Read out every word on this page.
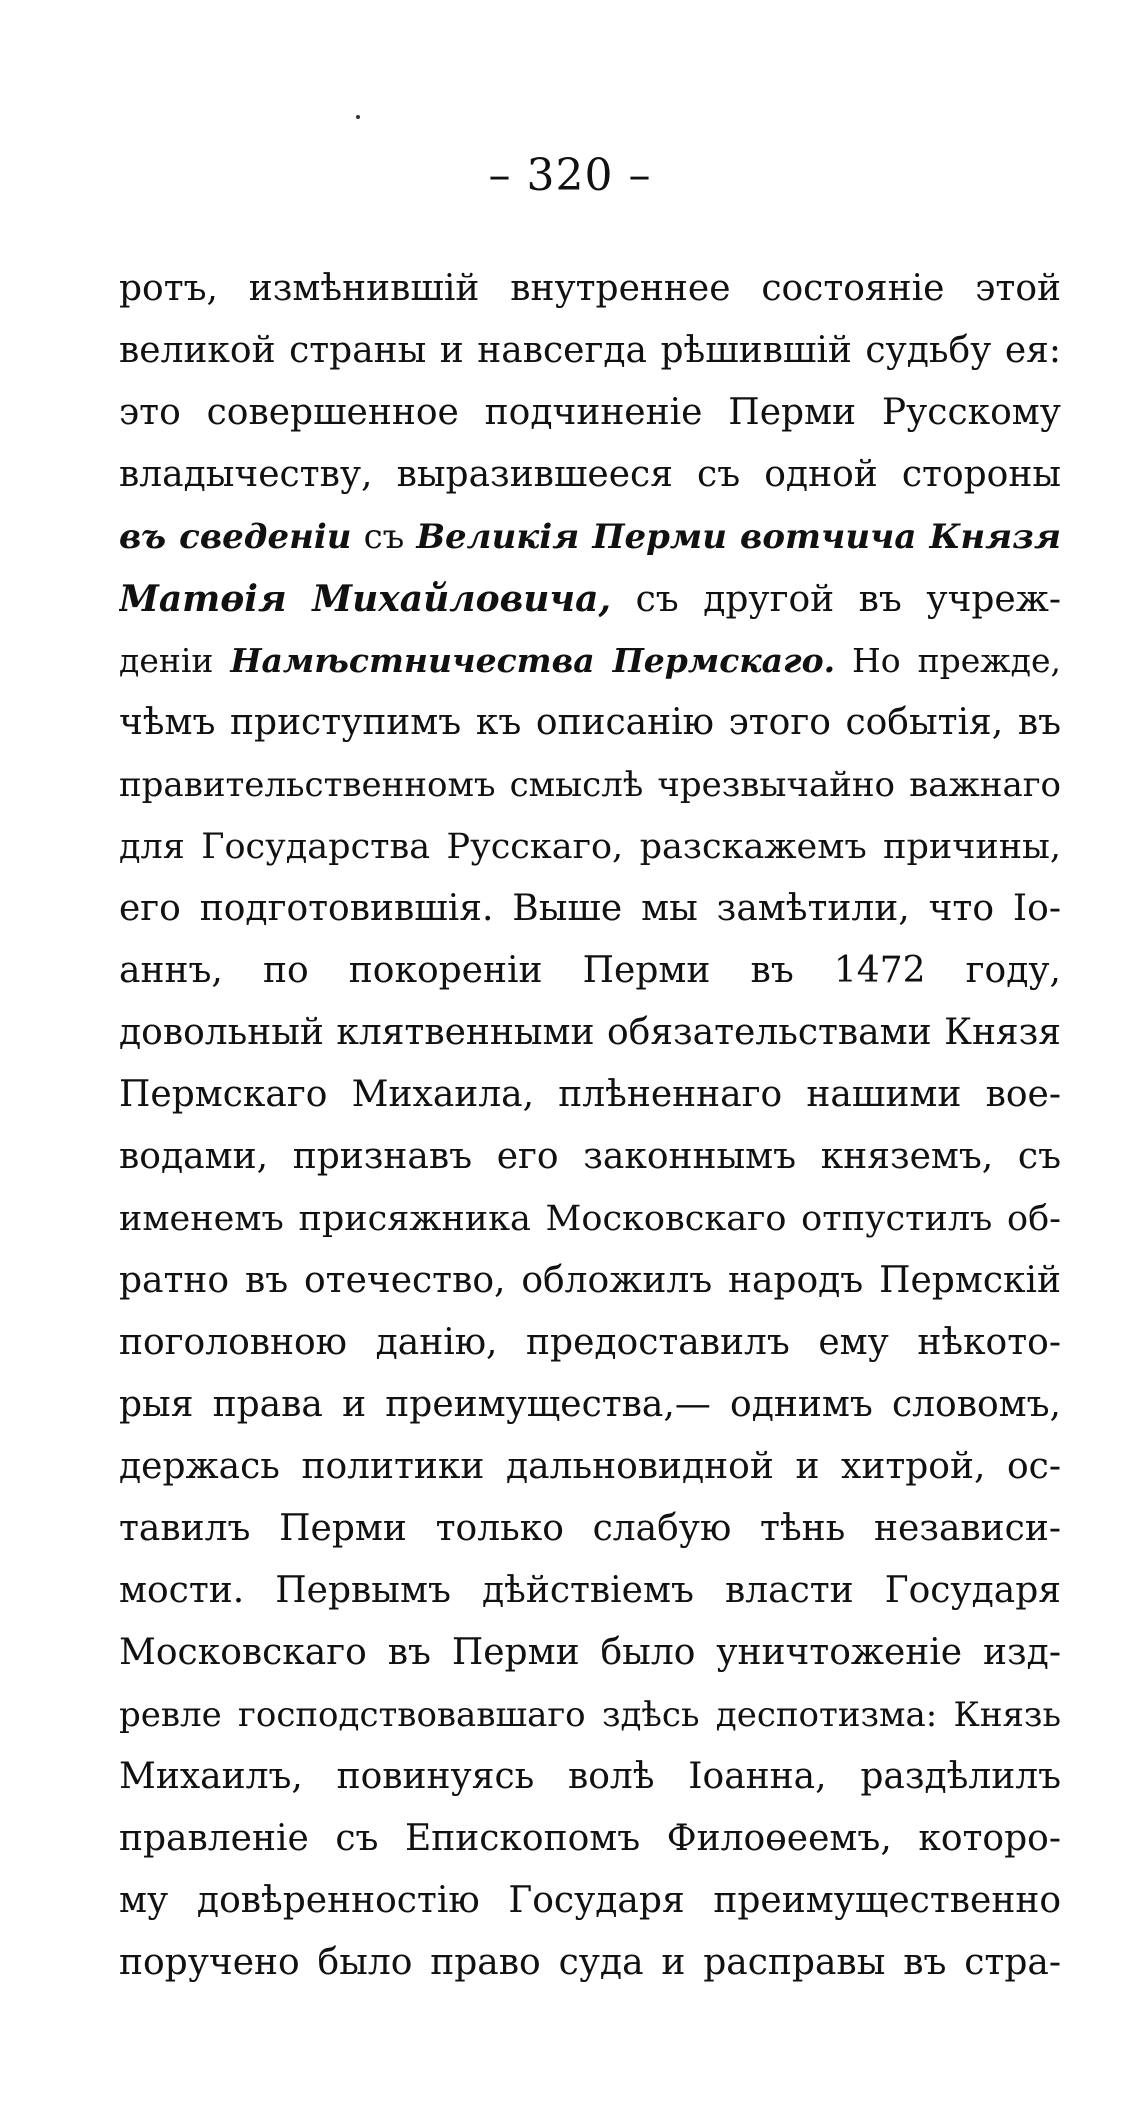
– 320 –
ротъ, измѣнившій внутреннее состояніе этой
великой страны и навсегда рѣшившій судьбу ея:
это совершенное подчиненіе Перми Русскому
владычеству, выразившееся съ одной стороны
въ сведеніи съ Великія Перми вотчича Князя
Матөія Михайловича, съ другой въ учреж-
деніи Намѣстничества Пермскаго. Но прежде,
чѣмъ приступимъ къ описанію этого событія, въ
правительственномъ смыслѣ чрезвычайно важнаго
для Государства Русскаго, разскажемъ причины,
его подготовившія. Выше мы замѣтили, что Іо-
аннъ, по покореніи Перми въ 1472 году,
довольный клятвенными обязательствами Князя
Пермскаго Михаила, плѣненнаго нашими вое-
водами, признавъ его законнымъ княземъ, съ
именемъ присяжника Московскаго отпустилъ об-
ратно въ отечество, обложилъ народъ Пермскій
поголовною данію, предоставилъ ему нѣкото-
рыя права и преимущества,— однимъ словомъ,
держась политики дальновидной и хитрой, ос-
тавилъ Перми только слабую тѣнь независи-
мости. Первымъ дѣйствіемъ власти Государя
Московскаго въ Перми было уничтоженіе изд-
ревле господствовавшаго здѣсь деспотизма: Князь
Михаилъ, повинуясь волѣ Іоанна, раздѣлилъ
правленіе съ Епископомъ Филоөеемъ, которо-
му довѣренностію Государя преимущественно
поручено было право суда и расправы въ стра-
